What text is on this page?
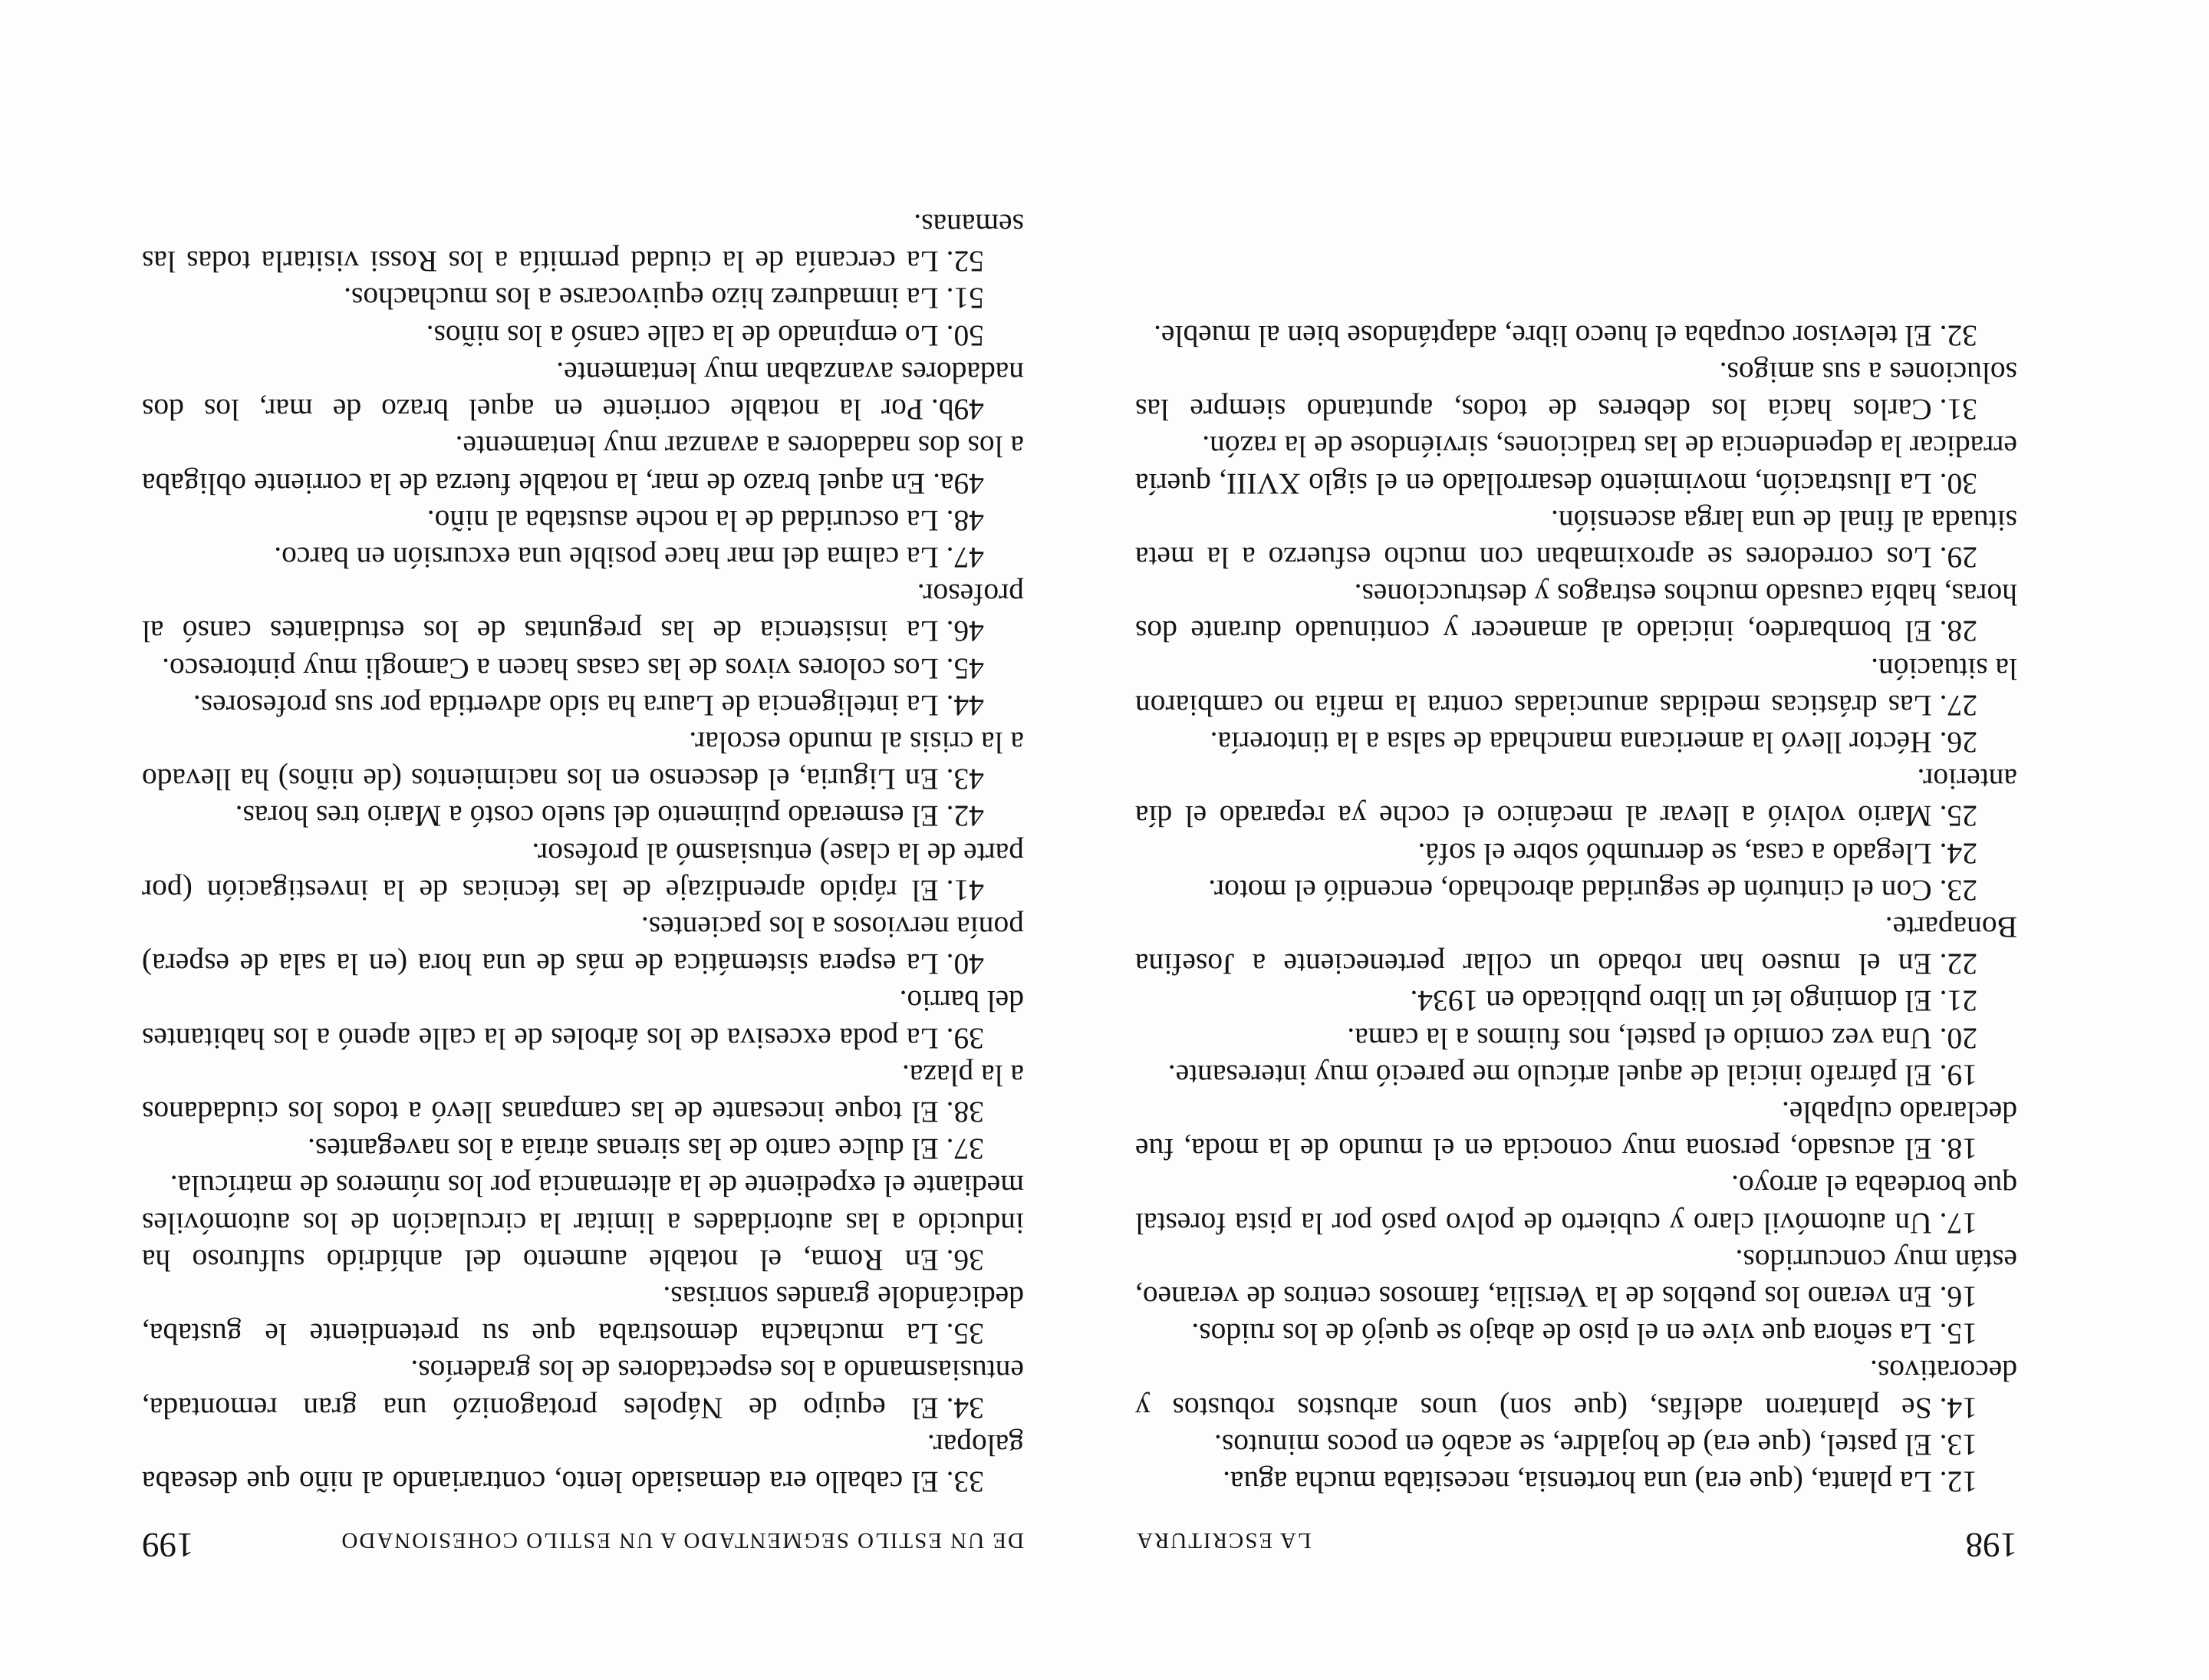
198
LA ESCRITURA

12.La planta, (que era) una hortensia, necesitaba mucha agua.

13.El pastel, (que era) de hojaldre, se acabó en pocos minutos.

14.Se plantaron adelfas, (que son) unos arbustos robustos y decorativos.

15.La señora que vive en el piso de abajo se quejó de los ruidos.

16.En verano los pueblos de la Versilia, famosos centros de veraneo, están muy concurridos.

17.Un automóvil claro y cubierto de polvo pasó por la pista forestal que bordeaba el arroyo.

18.El acusado, persona muy conocida en el mundo de la moda, fue declarado culpable.

19.El párrafo inicial de aquel artículo me pareció muy interesante.

20.Una vez comido el pastel, nos fuimos a la cama.

21.El domingo leí un libro publicado en 1934.

22.En el museo han robado un collar perteneciente a Josefina Bonaparte.

23.Con el cinturón de seguridad abrochado, encendió el motor.

24.Llegado a casa, se derrumbó sobre el sofá.

25.Mario volvió a llevar al mecánico el coche ya reparado el día anterior.

26.Héctor llevó la americana manchada de salsa a la tintorería.

27.Las drásticas medidas anunciadas contra la mafia no cambiaron la situación.

28.El bombardeo, iniciado al amanecer y continuado durante dos horas, había causado muchos estragos y destrucciones.

29.Los corredores se aproximaban con mucho esfuerzo a la meta situada al final de una larga ascensión.

30.La Ilustración, movimiento desarrollado en el siglo XVIII, quería erradicar la dependencia de las tradiciones, sirviéndose de la razón.

31.Carlos hacía los deberes de todos, apuntando siempre las soluciones a sus amigos.

32.El televisor ocupaba el hueco libre, adaptándose bien al mueble.

DE UN ESTILO SEGMENTADO A UN ESTILO COHESIONADO
199

33.El caballo era demasiado lento, contrariando al niño que deseaba galopar.

34.El equipo de Nápoles protagonizó una gran remontada, entusiasmando a los espectadores de los graderíos.

35.La muchacha demostraba que su pretendiente le gustaba, dedicándole grandes sonrisas.

36.En Roma, el notable aumento del anhídrido sulfuroso ha inducido a las autoridades a limitar la circulación de los automóviles mediante el expediente de la alternancia por los números de matrícula.

37.El dulce canto de las sirenas atraía a los navegantes.

38.El toque incesante de las campanas llevó a todos los ciudadanos a la plaza.

39.La poda excesiva de los árboles de la calle apenó a los habitantes del barrio.

40.La espera sistemática de más de una hora (en la sala de espera) ponía nerviosos a los pacientes.

41.El rápido aprendizaje de las técnicas de la investigación (por parte de la clase) entusiasmó al profesor.

42.El esmerado pulimento del suelo costó a Mario tres horas.

43.En Liguria, el descenso en los nacimientos (de niños) ha llevado a la crisis al mundo escolar.

44.La inteligencia de Laura ha sido advertida por sus profesores.

45.Los colores vivos de las casas hacen a Camogli muy pintoresco.

46.La insistencia de las preguntas de los estudiantes cansó al profesor.

47.La calma del mar hace posible una excursión en barco.

48.La oscuridad de la noche asustaba al niño.

49a.En aquel brazo de mar, la notable fuerza de la corriente obligaba a los dos nadadores a avanzar muy lentamente.

49b.Por la notable corriente en aquel brazo de mar, los dos nadadores avanzaban muy lentamente.

50.Lo empinado de la calle cansó a los niños.

51.La inmadurez hizo equivocarse a los muchachos.

52.La cercanía de la ciudad permitía a los Rossi visitarla todas las semanas.
